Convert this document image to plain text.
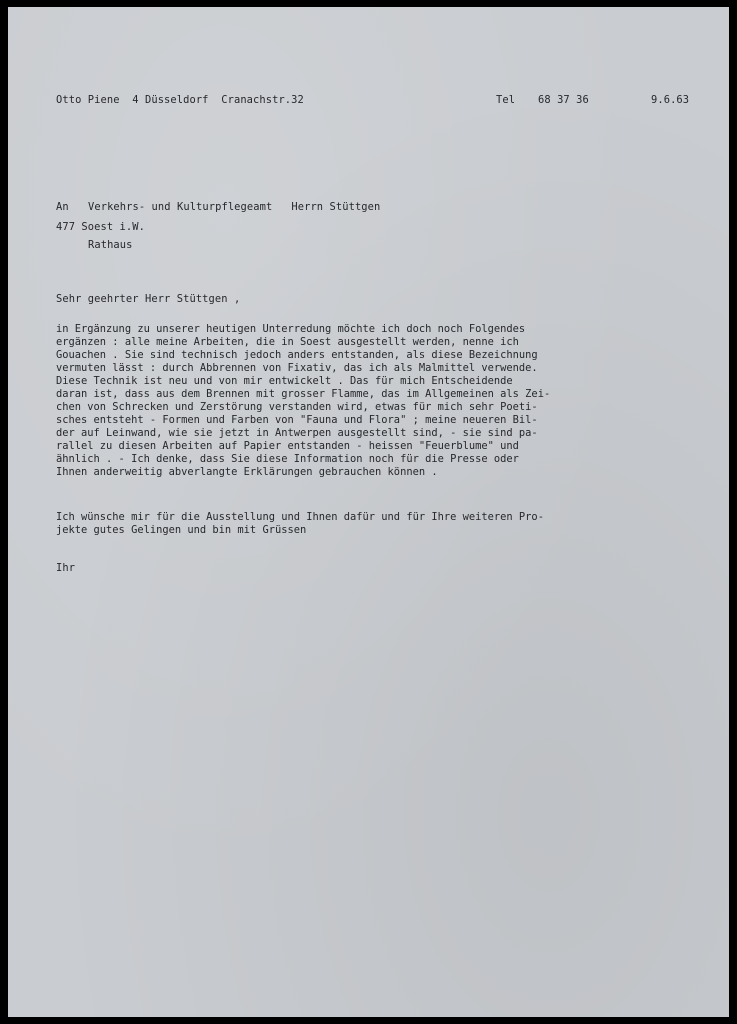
Otto Piene  4 Düsseldorf  Cranachstr.32

	Tel

68 37 36

	9.6.63

An Verkehrs- und Kulturpflegeamt   Herrn Stüttgen
477 Soest i.W.
Rathaus
Sehr geehrter Herr Stüttgen ,
in Ergänzung zu unserer heutigen Unterredung möchte ich doch noch Folgendes
ergänzen : alle meine Arbeiten, die in Soest ausgestellt werden, nenne ich
Gouachen . Sie sind technisch jedoch anders entstanden, als diese Bezeichnung
vermuten lässt : durch Abbrennen von Fixativ, das ich als Malmittel verwende.
Diese Technik ist neu und von mir entwickelt . Das für mich Entscheidende
daran ist, dass aus dem Brennen mit grosser Flamme, das im Allgemeinen als Zei-
chen von Schrecken und Zerstörung verstanden wird, etwas für mich sehr Poeti-
sches entsteht - Formen und Farben von "Fauna und Flora" ; meine neueren Bil-
der auf Leinwand, wie sie jetzt in Antwerpen ausgestellt sind, - sie sind pa-
rallel zu diesen Arbeiten auf Papier entstanden - heissen "Feuerblume" und
ähnlich . - Ich denke, dass Sie diese Information noch für die Presse oder
Ihnen anderweitig abverlangte Erklärungen gebrauchen können .
Ich wünsche mir für die Ausstellung und Ihnen dafür und für Ihre weiteren Pro-
jekte gutes Gelingen und bin mit Grüssen
Ihr
